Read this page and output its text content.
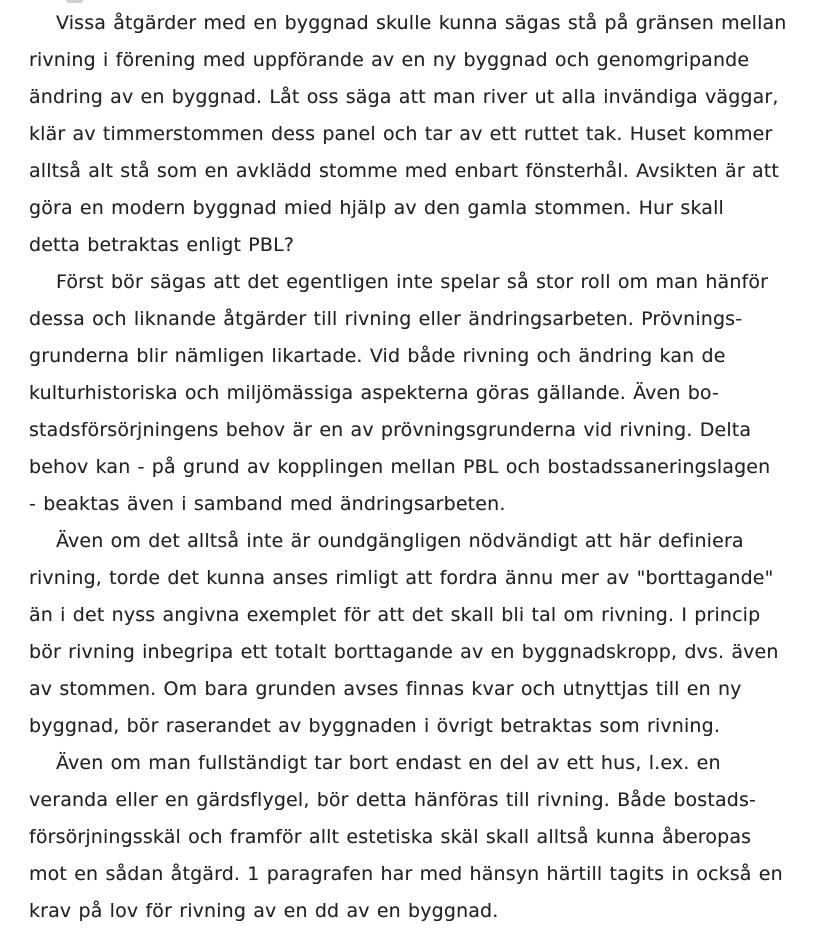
Vissa åtgärder med en byggnad skulle kunna sägas stå på gränsen mellan
rivning i förening med uppförande av en ny byggnad och genomgripande
ändring av en byggnad. Låt oss säga att man river ut alla invändiga väggar,
klär av timmerstommen dess panel och tar av ett ruttet tak. Huset kommer
alltså alt stå som en avklädd stomme med enbart fönsterhål. Avsikten är att
göra en modern byggnad mied hjälp av den gamla stommen. Hur skall
detta betraktas enligt PBL?
Först bör sägas att det egentligen inte spelar så stor roll om man hänför
dessa och liknande åtgärder till rivning eller ändringsarbeten. Prövnings-
grunderna blir nämligen likartade. Vid både rivning och ändring kan de
kulturhistoriska och miljömässiga aspekterna göras gällande. Även bo-
stadsförsörjningens behov är en av prövningsgrunderna vid rivning. Delta
behov kan - på grund av kopplingen mellan PBL och bostadssaneringslagen
- beaktas även i samband med ändringsarbeten.
Även om det alltså inte är oundgängligen nödvändigt att här definiera
rivning, torde det kunna anses rimligt att fordra ännu mer av "borttagande"
än i det nyss angivna exemplet för att det skall bli tal om rivning. I princip
bör rivning inbegripa ett totalt borttagande av en byggnadskropp, dvs. även
av stommen. Om bara grunden avses finnas kvar och utnyttjas till en ny
byggnad, bör raserandet av byggnaden i övrigt betraktas som rivning.
Även om man fullständigt tar bort endast en del av ett hus, l.ex. en
veranda eller en gärdsflygel, bör detta hänföras till rivning. Både bostads-
försörjningsskäl och framför allt estetiska skäl skall alltså kunna åberopas
mot en sådan åtgärd. 1 paragrafen har med hänsyn härtill tagits in också en
krav på lov för rivning av en dd av en byggnad.
